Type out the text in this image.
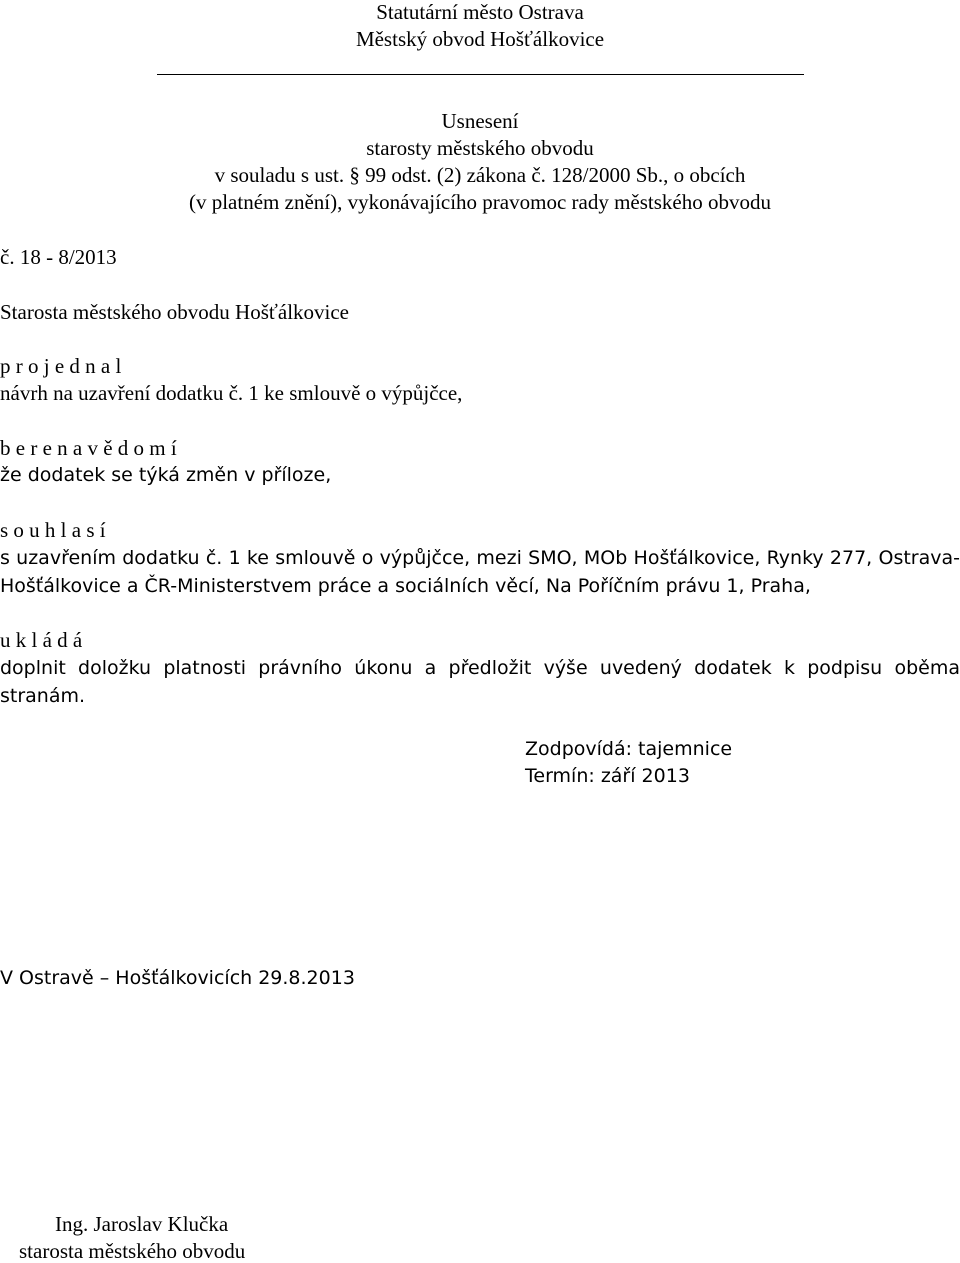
Statutární město Ostrava
Městský obvod Hošťálkovice
Usnesení
starosty městského obvodu
v souladu s ust. § 99 odst. (2) zákona č. 128/2000 Sb., o obcích
(v platném znění), vykonávajícího pravomoc rady městského obvodu
č. 18 - 8/2013
Starosta městského obvodu Hošťálkovice
p r o j e d n a l
návrh na uzavření dodatku č. 1 ke smlouvě o výpůjčce,
b e r e n a v ě d o m í
že dodatek se týká změn v příloze,
s o u h l a s í
s uzavřením dodatku č. 1 ke smlouvě o výpůjčce, mezi SMO, MOb Hošťálkovice, Rynky 277, Ostrava-Hošťálkovice a ČR-Ministerstvem práce a sociálních věcí, Na Poříčním právu 1, Praha,
u k l á d á
doplnit doložku platnosti právního úkonu a předložit výše uvedený dodatek k podpisu oběma stranám.
Zodpovídá: tajemnice
Termín: září 2013
V Ostravě – Hošťálkovicích 29.8.2013
Ing. Jaroslav Klučka
starosta městského obvodu
